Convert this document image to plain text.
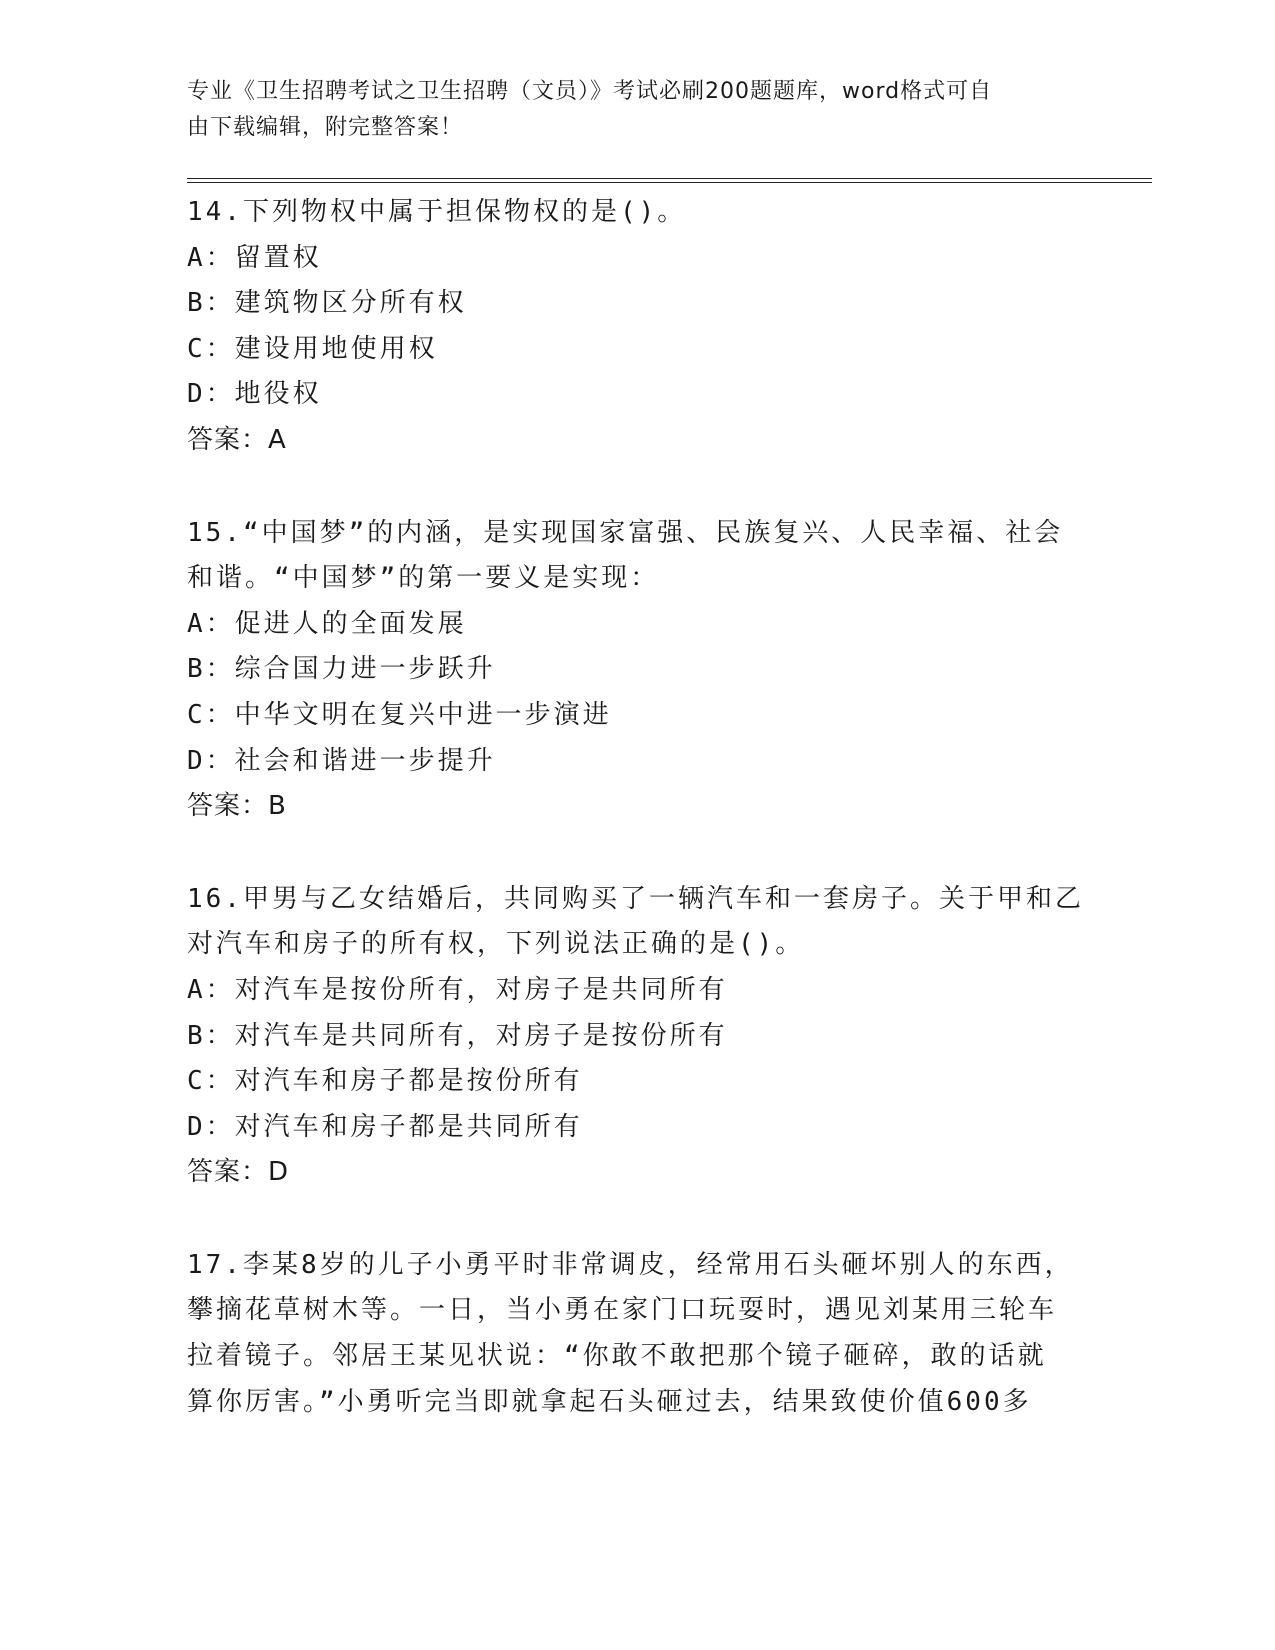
专业《卫生招聘考试之卫生招聘（文员）》考试必刷200题题库，word格式可自
由下载编辑，附完整答案！
14.下列物权中属于担保物权的是()。
A：留置权
B：建筑物区分所有权
C：建设用地使用权
D：地役权
答案：A
15.“中国梦”的内涵，是实现国家富强、民族复兴、人民幸福、社会
和谐。“中国梦”的第一要义是实现：
A：促进人的全面发展
B：综合国力进一步跃升
C：中华文明在复兴中进一步演进
D：社会和谐进一步提升
答案：B
16.甲男与乙女结婚后，共同购买了一辆汽车和一套房子。关于甲和乙
对汽车和房子的所有权，下列说法正确的是()。
A：对汽车是按份所有，对房子是共同所有
B：对汽车是共同所有，对房子是按份所有
C：对汽车和房子都是按份所有
D：对汽车和房子都是共同所有
答案：D
17.李某8岁的儿子小勇平时非常调皮，经常用石头砸坏别人的东西，
攀摘花草树木等。一日，当小勇在家门口玩耍时，遇见刘某用三轮车
拉着镜子。邻居王某见状说：“你敢不敢把那个镜子砸碎，敢的话就
算你厉害。”小勇听完当即就拿起石头砸过去，结果致使价值600多
